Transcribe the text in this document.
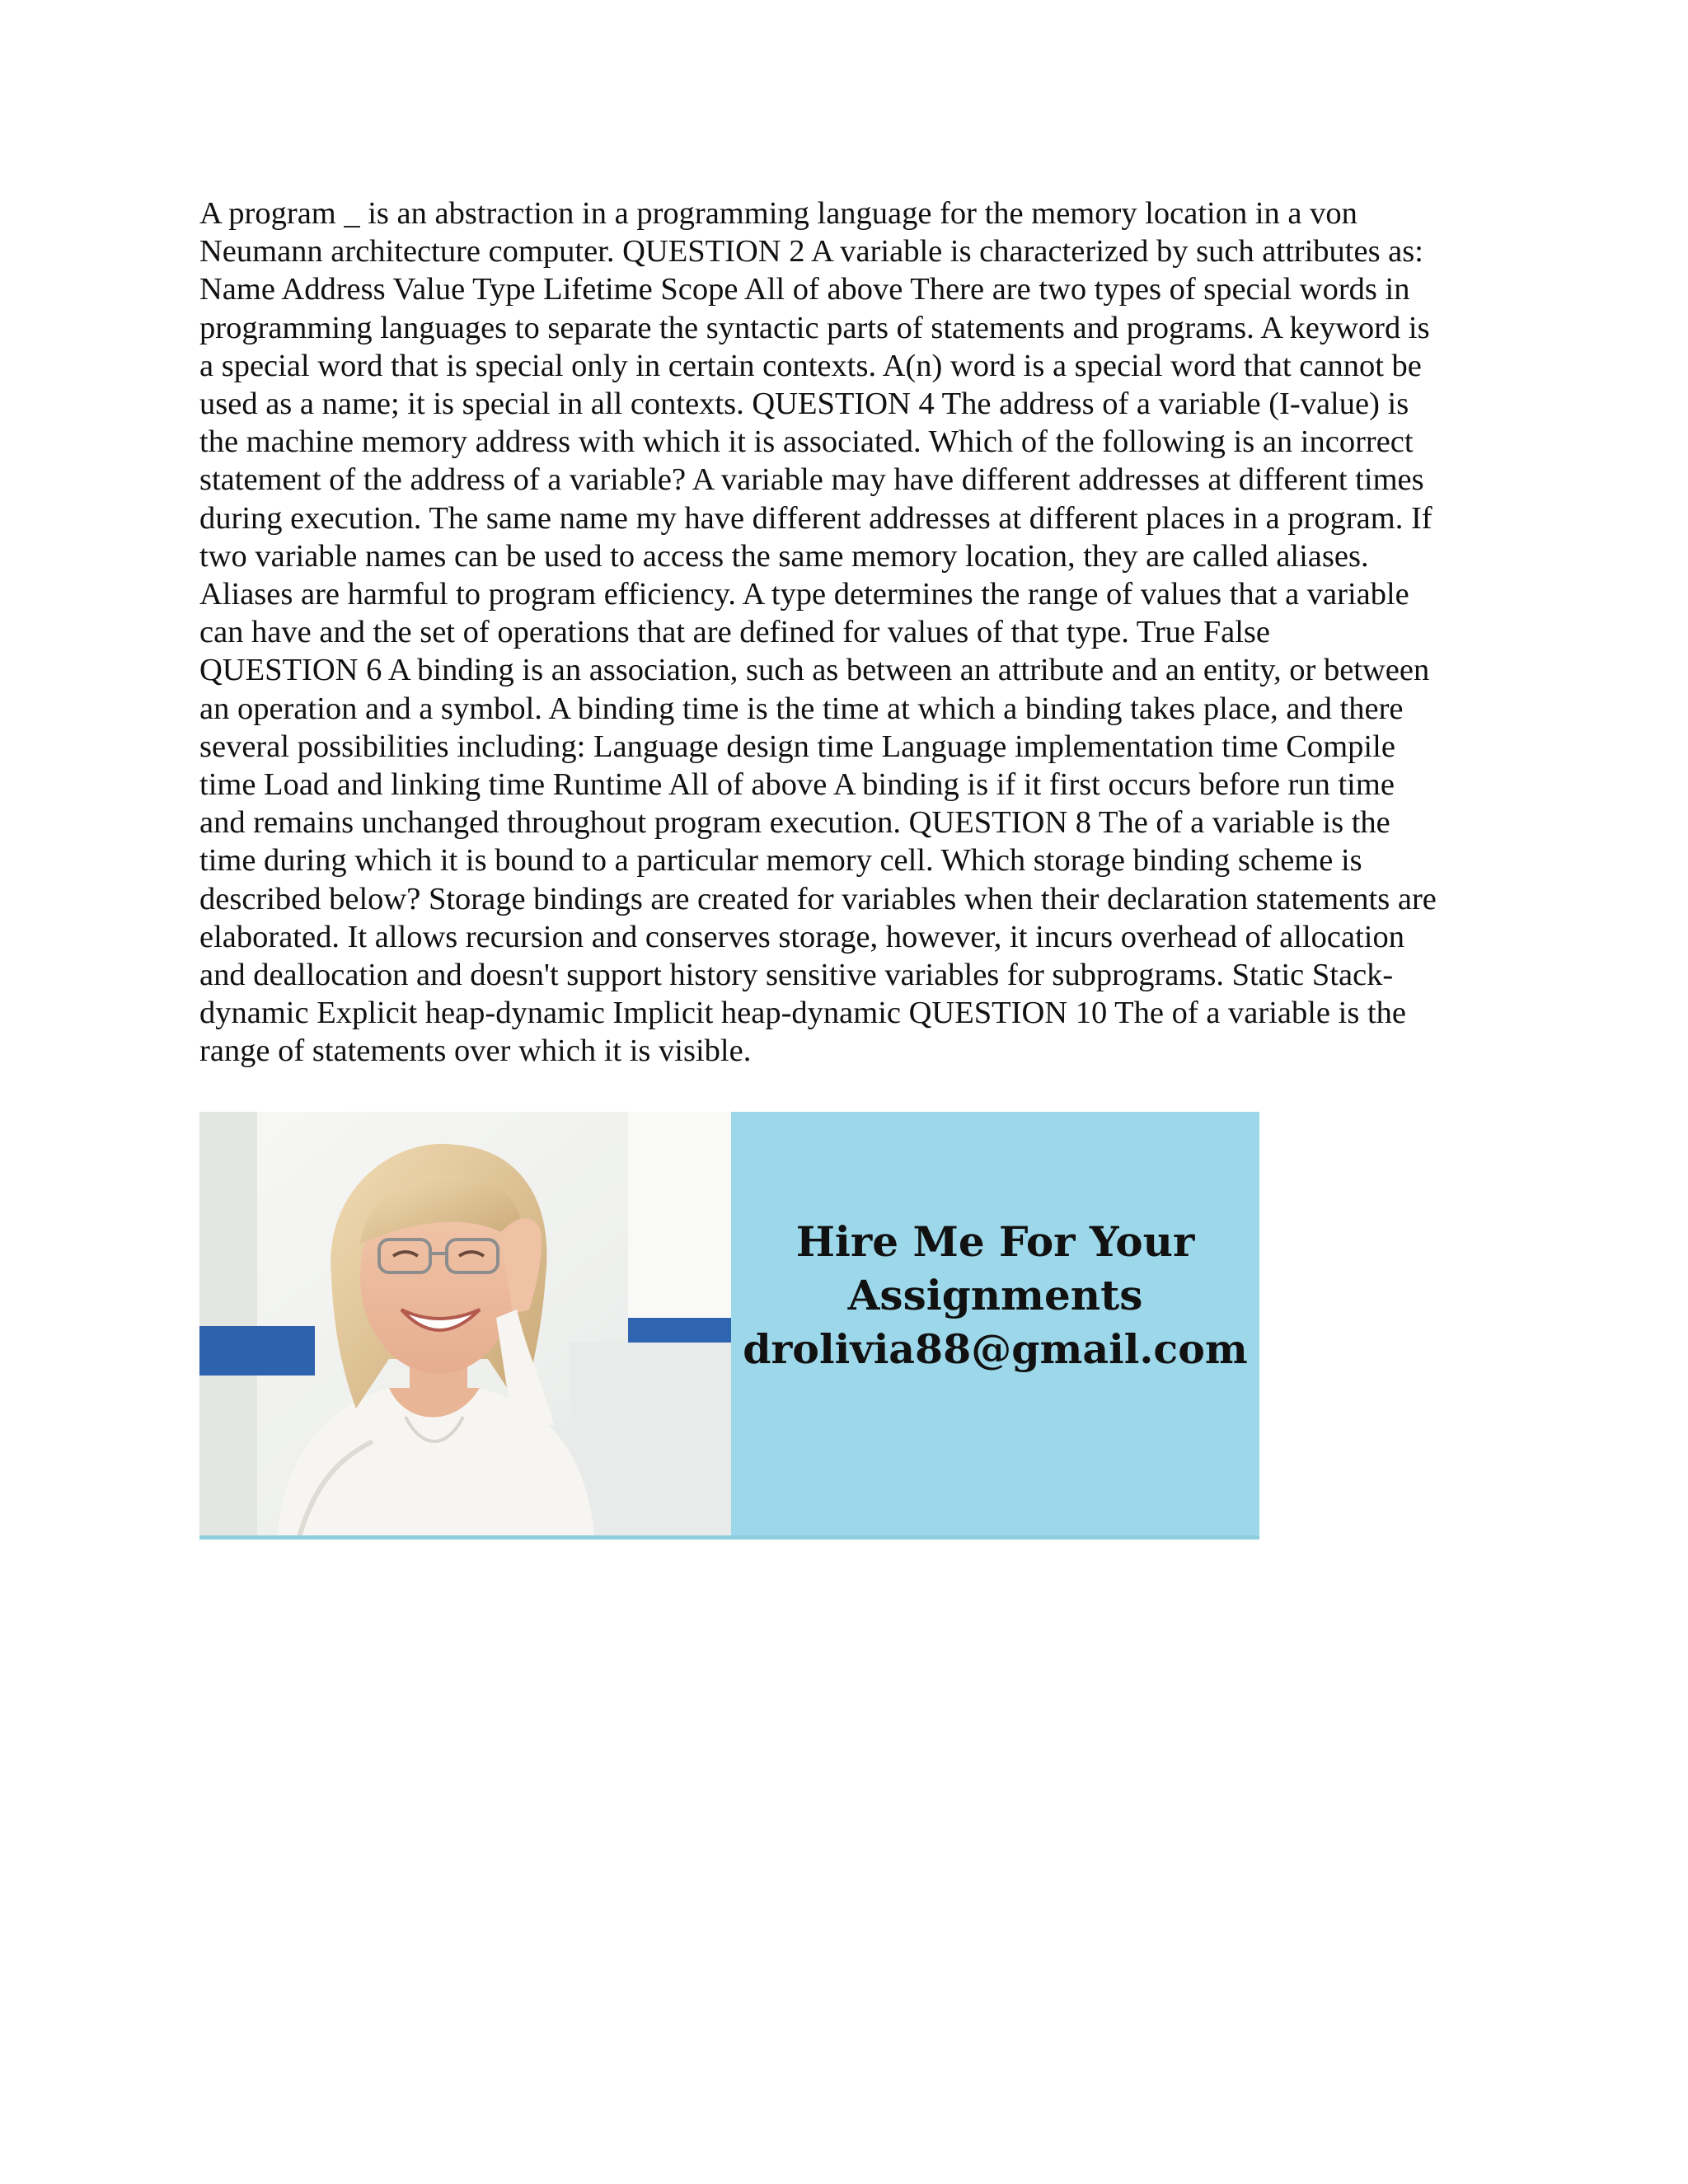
A program _ is an abstraction in a programming language for the memory location in a von
Neumann architecture computer. QUESTION 2 A variable is characterized by such attributes as:
Name Address Value Type Lifetime Scope All of above There are two types of special words in
programming languages to separate the syntactic parts of statements and programs. A keyword is
a special word that is special only in certain contexts. A(n) word is a special word that cannot be
used as a name; it is special in all contexts. QUESTION 4 The address of a variable (I-value) is
the machine memory address with which it is associated. Which of the following is an incorrect
statement of the address of a variable? A variable may have different addresses at different times
during execution. The same name my have different addresses at different places in a program. If
two variable names can be used to access the same memory location, they are called aliases.
Aliases are harmful to program efficiency. A type determines the range of values that a variable
can have and the set of operations that are defined for values of that type. True False
QUESTION 6 A binding is an association, such as between an attribute and an entity, or between
an operation and a symbol. A binding time is the time at which a binding takes place, and there
several possibilities including: Language design time Language implementation time Compile
time Load and linking time Runtime All of above A binding is if it first occurs before run time
and remains unchanged throughout program execution. QUESTION 8 The of a variable is the
time during which it is bound to a particular memory cell. Which storage binding scheme is
described below? Storage bindings are created for variables when their declaration statements are
elaborated. It allows recursion and conserves storage, however, it incurs overhead of allocation
and deallocation and doesn't support history sensitive variables for subprograms. Static Stack-
dynamic Explicit heap-dynamic Implicit heap-dynamic QUESTION 10 The of a variable is the
range of statements over which it is visible.

Hire Me For Your
Assignments
drolivia88@gmail.com
